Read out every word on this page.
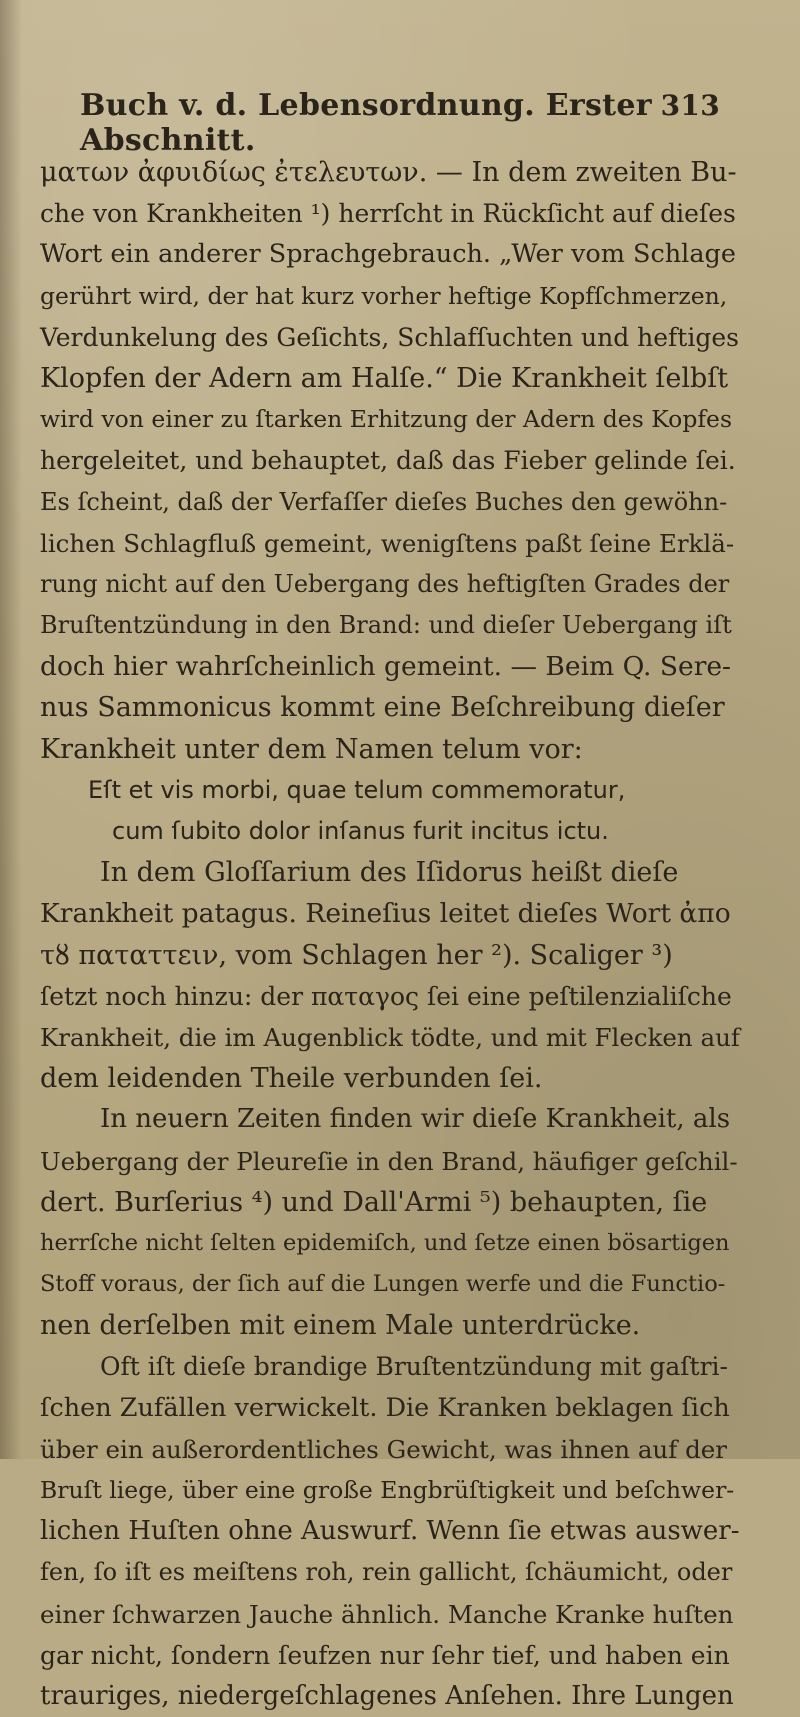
Buch v. d. Lebensordnung. Erster Abschnitt.
313
ματων ἀφυιδίως ἐτελευτων. — In dem zweiten Bu-
che von Krankheiten ¹) herrſcht in Rückſicht auf dieſes
Wort ein anderer Sprachgebrauch. „Wer vom Schlage
gerührt wird, der hat kurz vorher heftige Kopfſchmerzen,
Verdunkelung des Geſichts, Schlafſuchten und heftiges
Klopfen der Adern am Halſe.“ Die Krankheit ſelbſt
wird von einer zu ſtarken Erhitzung der Adern des Kopfes
hergeleitet, und behauptet, daß das Fieber gelinde ſei.
Es ſcheint, daß der Verfaſſer dieſes Buches den gewöhn-
lichen Schlagfluß gemeint, wenigſtens paßt ſeine Erklä-
rung nicht auf den Uebergang des heftigſten Grades der
Bruſtentzündung in den Brand: und dieſer Uebergang iſt
doch hier wahrſcheinlich gemeint. — Beim Q. Sere-
nus Sammonicus kommt eine Beſchreibung dieſer
Krankheit unter dem Namen telum vor:
Eſt et vis morbi, quae telum commemoratur,
cum ſubito dolor inſanus furit incitus ictu.
In dem Gloſſarium des Iſidorus heißt dieſe
Krankheit patagus. Reineſius leitet dieſes Wort ἀπο
τȣ παταττειν, vom Schlagen her ²). Scaliger ³)
ſetzt noch hinzu: der παταγος ſei eine peſtilenzialiſche
Krankheit, die im Augenblick tödte, und mit Flecken auf
dem leidenden Theile verbunden ſei.
In neuern Zeiten finden wir dieſe Krankheit, als
Uebergang der Pleureſie in den Brand, häufiger geſchil-
dert. Burſerius ⁴) und Dall'Armi ⁵) behaupten, ſie
herrſche nicht ſelten epidemiſch, und ſetze einen bösartigen
Stoff voraus, der ſich auf die Lungen werfe und die Functio-
nen derſelben mit einem Male unterdrücke.
Oft iſt dieſe brandige Bruſtentzündung mit gaſtri-
ſchen Zufällen verwickelt. Die Kranken beklagen ſich
über ein außerordentliches Gewicht, was ihnen auf der
Bruſt liege, über eine große Engbrüſtigkeit und beſchwer-
lichen Huſten ohne Auswurf. Wenn ſie etwas auswer-
fen, ſo iſt es meiſtens roh, rein gallicht, ſchäumicht, oder
einer ſchwarzen Jauche ähnlich. Manche Kranke huſten
gar nicht, ſondern ſeufzen nur ſehr tief, und haben ein
trauriges, niedergeſchlagenes Anſehen. Ihre Lungen
